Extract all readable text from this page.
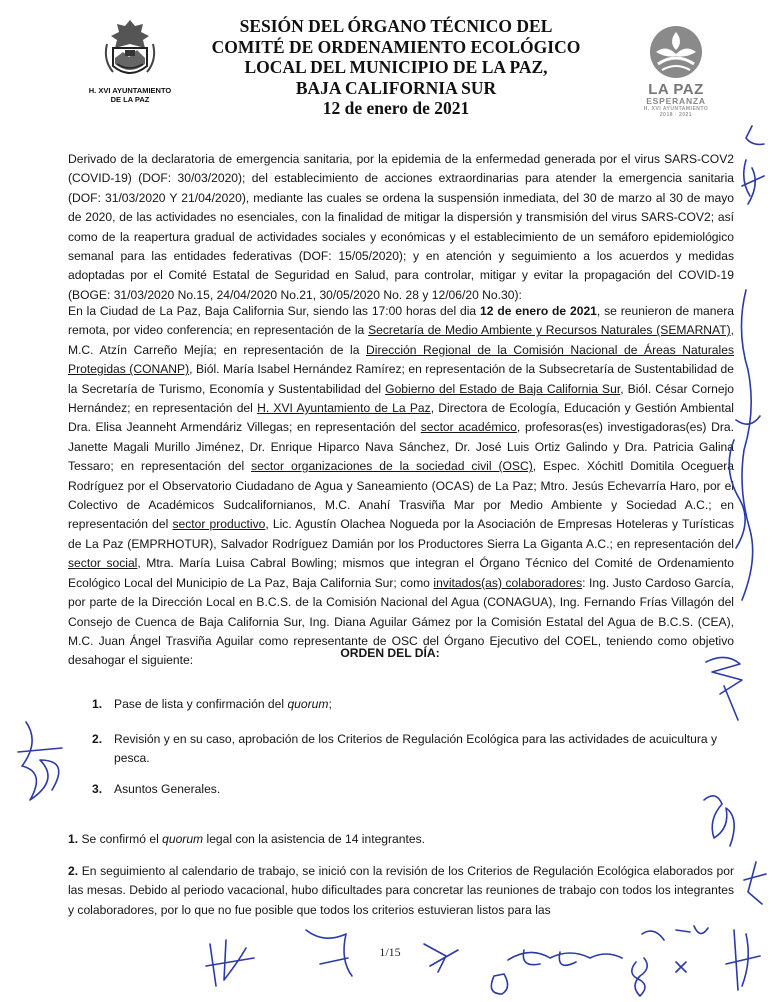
H. XVI AYUNTAMIENTO
DE LA PAZ
SESIÓN DEL ÓRGANO TÉCNICO DEL
COMITÉ DE ORDENAMIENTO ECOLÓGICO
LOCAL DEL MUNICIPIO DE LA PAZ,
BAJA CALIFORNIA SUR
12 de enero de 2021
LA PAZ
ESPERANZA
H. XVI AYUNTAMIENTO
2018 · 2021
Derivado de la declaratoria de emergencia sanitaria, por la epidemia de la enfermedad generada por el virus SARS-COV2 (COVID-19) (DOF: 30/03/2020); del establecimiento de acciones extraordinarias para atender la emergencia sanitaria (DOF: 31/03/2020 Y 21/04/2020), mediante las cuales se ordena la suspensión inmediata, del 30 de marzo al 30 de mayo de 2020, de las actividades no esenciales, con la finalidad de mitigar la dispersión y transmisión del virus SARS-COV2; así como de la reapertura gradual de actividades sociales y económicas y el establecimiento de un semáforo epidemiológico semanal para las entidades federativas (DOF: 15/05/2020); y en atención y seguimiento a los acuerdos y medidas adoptadas por el Comité Estatal de Seguridad en Salud, para controlar, mitigar y evitar la propagación del COVID-19 (BOGE: 31/03/2020 No.15, 24/04/2020 No.21, 30/05/2020 No. 28 y 12/06/20 No.30):
En la Ciudad de La Paz, Baja California Sur, siendo las 17:00 horas del dia 12 de enero de 2021, se reunieron de manera remota, por video conferencia; en representación de la Secretaría de Medio Ambiente y Recursos Naturales (SEMARNAT), M.C. Atzín Carreño Mejía; en representación de la Dirección Regional de la Comisión Nacional de Áreas Naturales Protegidas (CONANP), Biól. María Isabel Hernández Ramírez; en representación de la Subsecretaría de Sustentabilidad de la Secretaría de Turismo, Economía y Sustentabilidad del Gobierno del Estado de Baja California Sur, Biól. César Cornejo Hernández; en representación del H. XVI Ayuntamiento de La Paz, Directora de Ecología, Educación y Gestión Ambiental Dra. Elisa Jeanneht Armendáriz Villegas; en representación del sector académico, profesoras(es) investigadoras(es) Dra. Janette Magali Murillo Jiménez, Dr. Enrique Hiparco Nava Sánchez, Dr. José Luis Ortiz Galindo y Dra. Patricia Galina Tessaro; en representación del sector organizaciones de la sociedad civil (OSC), Espec. Xóchitl Domitila Oceguera Rodríguez por el Observatorio Ciudadano de Agua y Saneamiento (OCAS) de La Paz; Mtro. Jesús Echevarría Haro, por el Colectivo de Académicos Sudcalifornianos, M.C. Anahí Trasviña Mar por Medio Ambiente y Sociedad A.C.; en representación del sector productivo, Lic. Agustín Olachea Nogueda por la Asociación de Empresas Hoteleras y Turísticas de La Paz (EMPRHOTUR), Salvador Rodríguez Damián por los Productores Sierra La Giganta A.C.; en representación del sector social, Mtra. María Luisa Cabral Bowling; mismos que integran el Órgano Técnico del Comité de Ordenamiento Ecológico Local del Municipio de La Paz, Baja California Sur; como invitados(as) colaboradores: Ing. Justo Cardoso García, por parte de la Dirección Local en B.C.S. de la Comisión Nacional del Agua (CONAGUA), Ing. Fernando Frías Villagón del Consejo de Cuenca de Baja California Sur, Ing. Diana Aguilar Gámez por la Comisión Estatal del Agua de B.C.S. (CEA), M.C. Juan Ángel Trasviña Aguilar como representante de OSC del Órgano Ejecutivo del COEL, teniendo como objetivo desahogar el siguiente:
ORDEN DEL DÍA:
1. Pase de lista y confirmación del quorum;
2. Revisión y en su caso, aprobación de los Criterios de Regulación Ecológica para las actividades de acuicultura y pesca.
3. Asuntos Generales.
1. Se confirmó el quorum legal con la asistencia de 14 integrantes.
2. En seguimiento al calendario de trabajo, se inició con la revisión de los Criterios de Regulación Ecológica elaborados por las mesas. Debido al periodo vacacional, hubo dificultades para concretar las reuniones de trabajo con todos los integrantes y colaboradores, por lo que no fue posible que todos los criterios estuvieran listos para las
1/15
